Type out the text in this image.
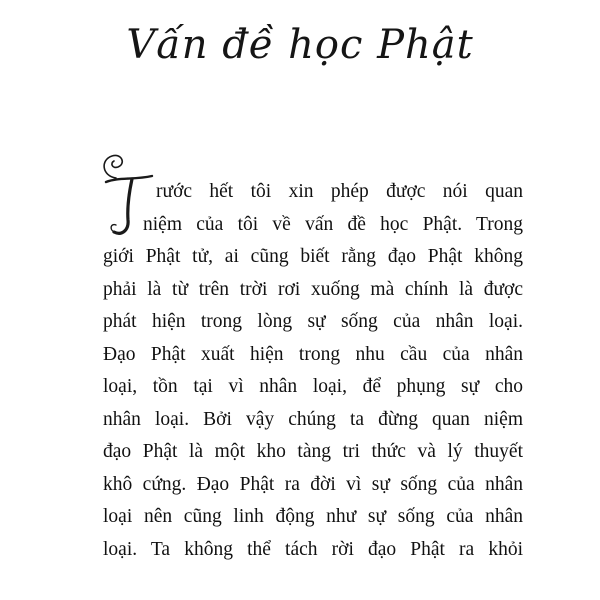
Vấn đề học Phật
T
rước hết tôi xin phép được nói quan
niệm của tôi về vấn đề học Phật. Trong
giới Phật tử, ai cũng biết rằng đạo Phật không
phải là từ trên trời rơi xuống mà chính là được
phát hiện trong lòng sự sống của nhân loại.
Đạo Phật xuất hiện trong nhu cầu của nhân
loại, tồn tại vì nhân loại, để phụng sự cho
nhân loại. Bởi vậy chúng ta đừng quan niệm
đạo Phật là một kho tàng tri thức và lý thuyết
khô cứng. Đạo Phật ra đời vì sự sống của nhân
loại nên cũng linh động như sự sống của nhân
loại. Ta không thể tách rời đạo Phật ra khỏi
